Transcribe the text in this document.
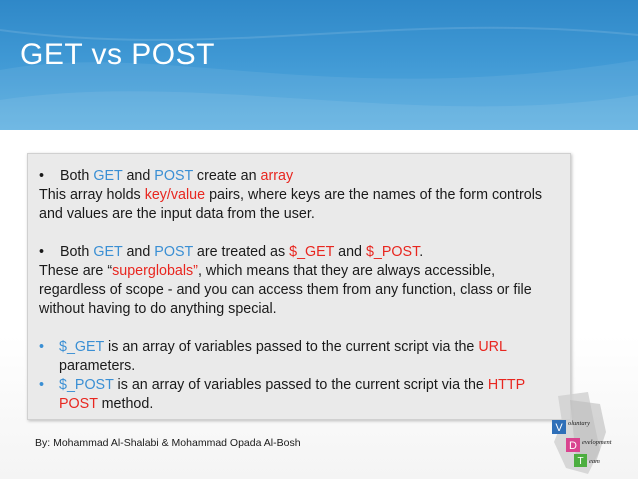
GET vs POST
• Both GET and POST create an array
This array holds key/value pairs, where keys are the names of the form controls and values are the input data from the user.
• Both GET and POST are treated as $_GET and $_POST.
These are “superglobals”, which means that they are always accessible, regardless of scope - and you can access them from any function, class or file without having to do anything special.
•	$_GET is an array of variables passed to the current script via the URL parameters.
•	$_POST is an array of variables passed to the current script via the HTTP POST method.
By: Mohammad Al-Shalabi & Mohammad Opada Al-Bosh
V oluntary
D evelopment
T eam
